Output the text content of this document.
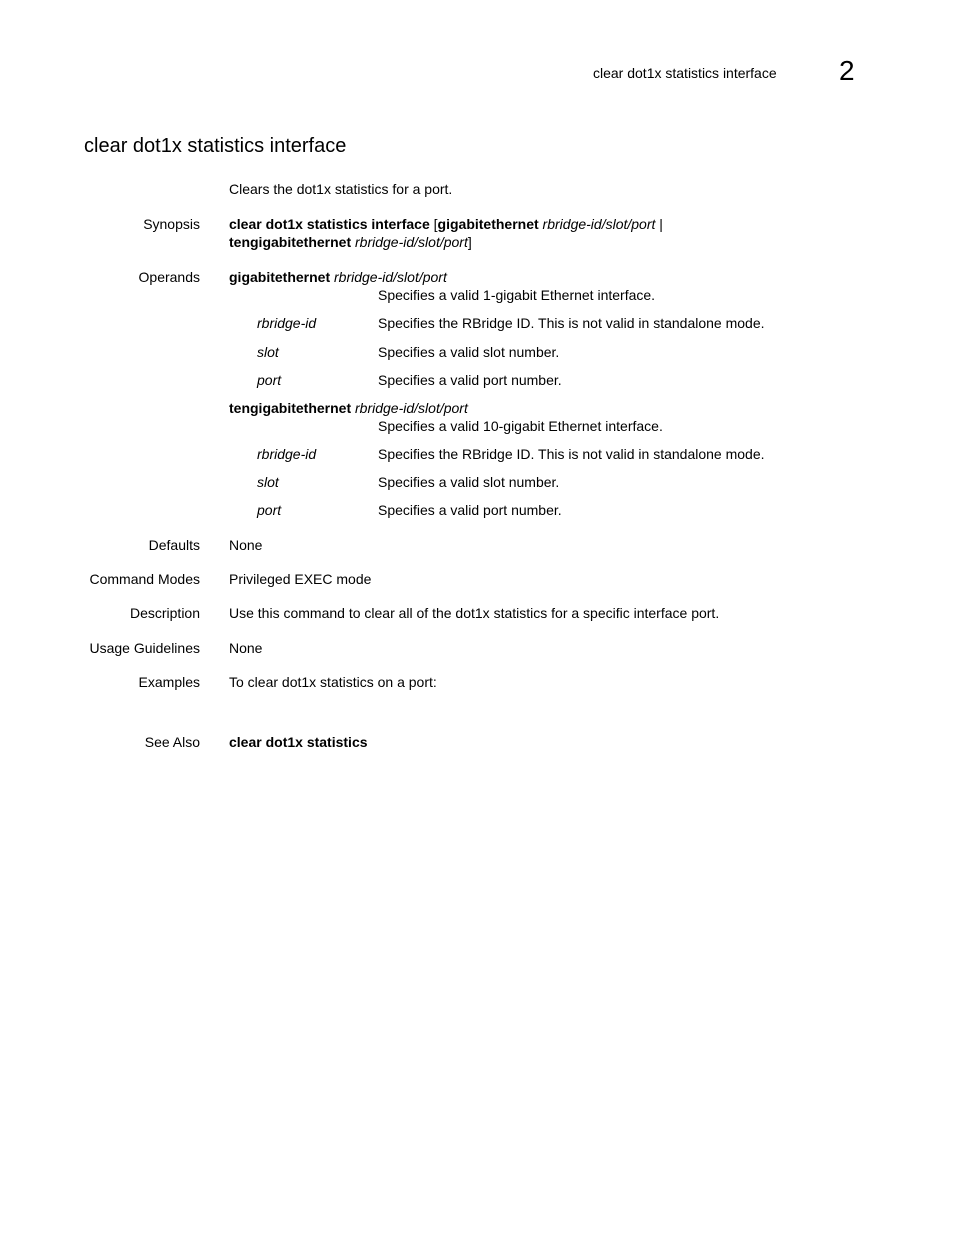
clear dot1x statistics interface 2
clear dot1x statistics interface
Clears the dot1x statistics for a port.
Synopsis clear dot1x statistics interface [gigabitethernet rbridge-id/slot/port |
tengigabitethernet rbridge-id/slot/port]
Operands gigabitethernet rbridge-id/slot/port
Specifies a valid 1-gigabit Ethernet interface.
rbridge-id	Specifies the RBridge ID. This is not valid in standalone mode.
slot	Specifies a valid slot number.
port	Specifies a valid port number.
tengigabitethernet rbridge-id/slot/port
Specifies a valid 10-gigabit Ethernet interface.
rbridge-id	Specifies the RBridge ID. This is not valid in standalone mode.
slot	Specifies a valid slot number.
port	Specifies a valid port number.
Defaults None
Command Modes Privileged EXEC mode
Description Use this command to clear all of the dot1x statistics for a specific interface port.
Usage Guidelines None
Examples To clear dot1x statistics on a port:
See Also clear dot1x statistics
